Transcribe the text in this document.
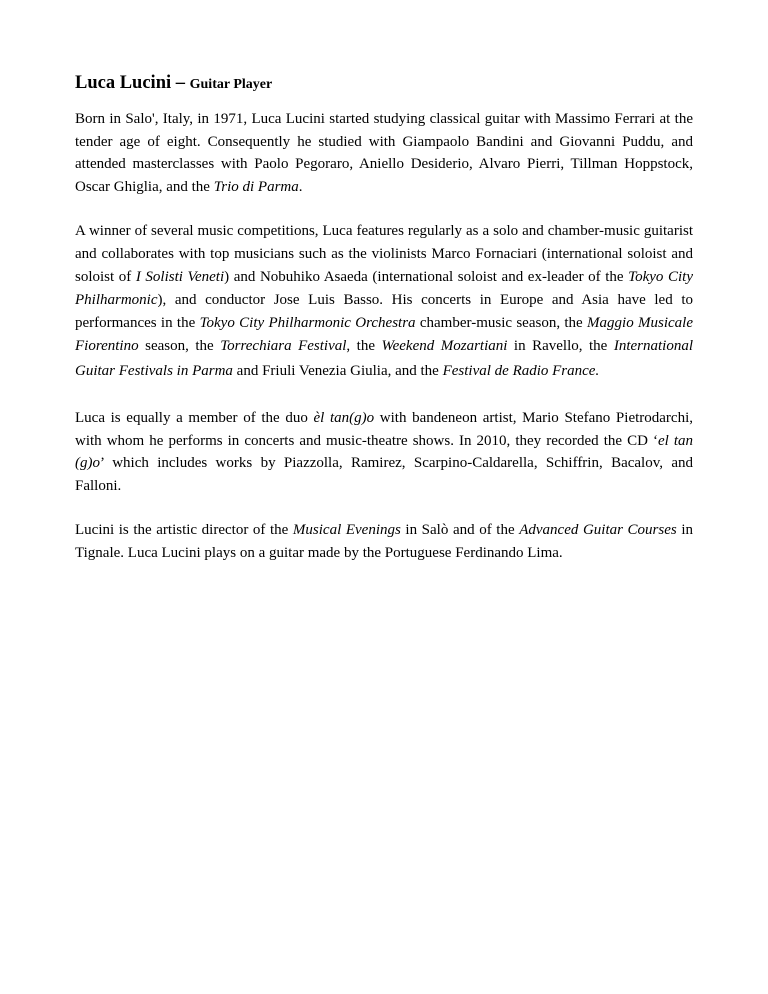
Luca Lucini – Guitar Player

Born in Salo', Italy, in 1971, Luca Lucini started studying classical guitar with Massimo Ferrari at the tender age of eight. Consequently he studied with Giampaolo Bandini and Giovanni Puddu, and attended masterclasses with Paolo Pegoraro, Aniello Desiderio, Alvaro Pierri, Tillman Hoppstock, Oscar Ghiglia, and the Trio di Parma.

A winner of several music competitions, Luca features regularly as a solo and chamber-music guitarist and collaborates with top musicians such as the violinists Marco Fornaciari (international soloist and soloist of I Solisti Veneti) and Nobuhiko Asaeda (international soloist and ex-leader of the Tokyo City Philharmonic), and conductor Jose Luis Basso. His concerts in Europe and Asia have led to performances in the Tokyo City Philharmonic Orchestra chamber-music season, the Maggio Musicale Fiorentino season, the Torrechiara Festival, the Weekend Mozartiani in Ravello, the International Guitar Festivals in Parma and Friuli Venezia Giulia, and the Festival de Radio France.

Luca is equally a member of the duo èl tan(g)o with bandeneon artist, Mario Stefano Pietrodarchi, with whom he performs in concerts and music-theatre shows. In 2010, they recorded the CD ‘el tan (g)o’ which includes works by Piazzolla, Ramirez, Scarpino-Caldarella, Schiffrin, Bacalov, and Falloni.

Lucini is the artistic director of the Musical Evenings in Salò and of the Advanced Guitar Courses in Tignale. Luca Lucini plays on a guitar made by the Portuguese Ferdinando Lima.
